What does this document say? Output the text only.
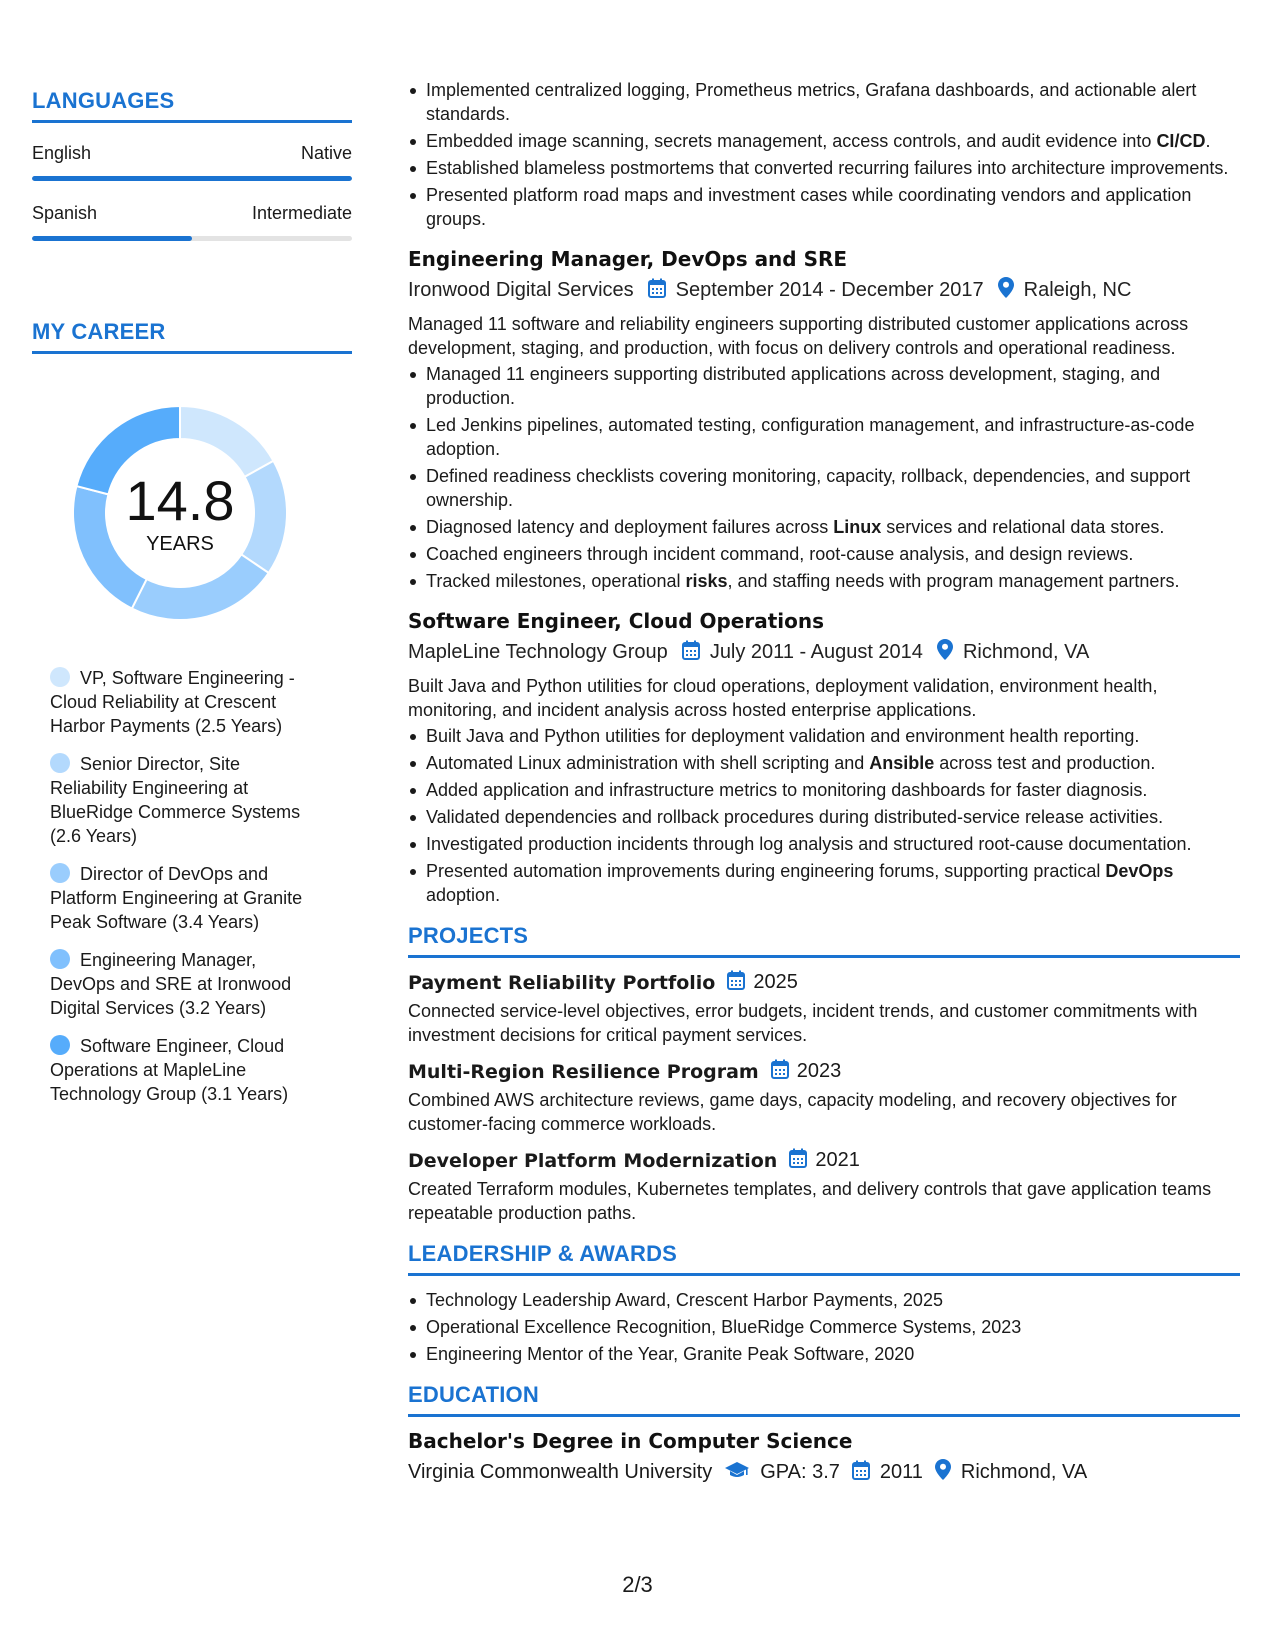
LANGUAGES
English	Native
Spanish	Intermediate
MY CAREER
14.8
YEARS
VP, Software Engineering - Cloud Reliability at Crescent Harbor Payments (2.5 Years)
Senior Director, Site Reliability Engineering at BlueRidge Commerce Systems (2.6 Years)
Director of DevOps and Platform Engineering at Granite Peak Software (3.4 Years)
Engineering Manager, DevOps and SRE at Ironwood Digital Services (3.2 Years)
Software Engineer, Cloud Operations at MapleLine Technology Group (3.1 Years)
Implemented centralized logging, Prometheus metrics, Grafana dashboards, and actionable alert standards.
Embedded image scanning, secrets management, access controls, and audit evidence into CI/CD.
Established blameless postmortems that converted recurring failures into architecture improvements.
Presented platform road maps and investment cases while coordinating vendors and application groups.
Engineering Manager, DevOps and SRE
Ironwood Digital Services September 2014 - December 2017 Raleigh, NC
Managed 11 software and reliability engineers supporting distributed customer applications across development, staging, and production, with focus on delivery controls and operational readiness.
Managed 11 engineers supporting distributed applications across development, staging, and production.
Led Jenkins pipelines, automated testing, configuration management, and infrastructure-as-code adoption.
Defined readiness checklists covering monitoring, capacity, rollback, dependencies, and support ownership.
Diagnosed latency and deployment failures across Linux services and relational data stores.
Coached engineers through incident command, root-cause analysis, and design reviews.
Tracked milestones, operational risks, and staffing needs with program management partners.
Software Engineer, Cloud Operations
MapleLine Technology Group July 2011 - August 2014 Richmond, VA
Built Java and Python utilities for cloud operations, deployment validation, environment health, monitoring, and incident analysis across hosted enterprise applications.
Built Java and Python utilities for deployment validation and environment health reporting.
Automated Linux administration with shell scripting and Ansible across test and production.
Added application and infrastructure metrics to monitoring dashboards for faster diagnosis.
Validated dependencies and rollback procedures during distributed-service release activities.
Investigated production incidents through log analysis and structured root-cause documentation.
Presented automation improvements during engineering forums, supporting practical DevOps adoption.
PROJECTS
Payment Reliability Portfolio 2025
Connected service-level objectives, error budgets, incident trends, and customer commitments with investment decisions for critical payment services.
Multi-Region Resilience Program 2023
Combined AWS architecture reviews, game days, capacity modeling, and recovery objectives for customer-facing commerce workloads.
Developer Platform Modernization 2021
Created Terraform modules, Kubernetes templates, and delivery controls that gave application teams repeatable production paths.
LEADERSHIP & AWARDS
Technology Leadership Award, Crescent Harbor Payments, 2025
Operational Excellence Recognition, BlueRidge Commerce Systems, 2023
Engineering Mentor of the Year, Granite Peak Software, 2020
EDUCATION
Bachelor's Degree in Computer Science
Virginia Commonwealth University GPA: 3.7 2011 Richmond, VA
2/3
